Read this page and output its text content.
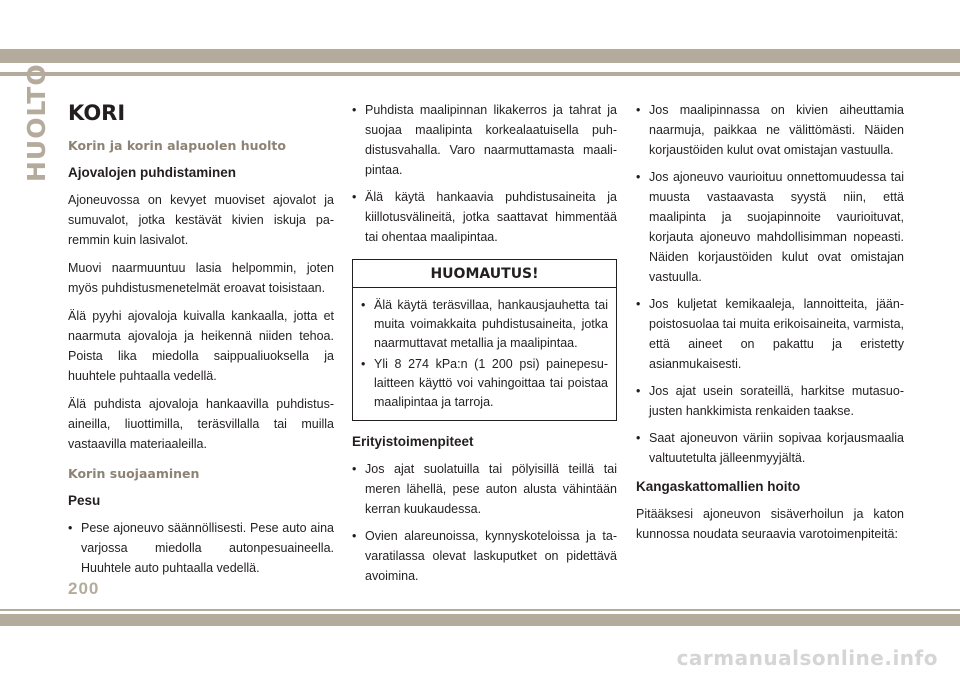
HUOLTO KORI
Korin ja korin alapuolen huolto
Ajovalojen puhdistaminen

Ajoneuvossa on kevyet muoviset ajovalot ja sumuvalot, jotka kestävät kivien iskuja paremmin kuin lasivalot.

Muovi naarmuuntuu lasia helpommin, joten myös puhdistusmenetelmät eroavat toisistaan.

Älä pyyhi ajovaloja kuivalla kankaalla, jotta et naarmuta ajovaloja ja heikennä niiden tehoa. Poista lika miedolla saippualiuoksella ja huuhtele puhtaalla vedellä.

Älä puhdista ajovaloja hankaavilla puhdistusaineilla, liuottimilla, teräsvillalla tai muilla vastaavilla materiaaleilla.

Korin suojaaminen
Pesu
• Pese ajoneuvo säännöllisesti. Pese auto aina varjossa miedolla autonpesuaineella. Huuhtele auto puhtaalla vedellä.
• Puhdista maalipinnan likakerros ja tahrat ja suojaa maalipinta korkealaatuisella puhdistusvahalla. Varo naarmuttamasta maalipintaa.
• Älä käytä hankaavia puhdistusaineita ja kiillotusvälineitä, jotka saattavat himmentää tai ohentaa maalipintaa.
HUOMAUTUS!
• Älä käytä teräsvillaa, hankausjauhetta tai muita voimakkaita puhdistusaineita, jotka naarmuttavat metallia ja maalipintaa.
• Yli 8 274 kPa:n (1 200 psi) painepesulaitteen käyttö voi vahingoittaa tai poistaa maalipintaa ja tarroja.
Erityistoimenpiteet
• Jos ajat suolatuilla tai pölyisillä teillä tai meren lähellä, pese auton alusta vähintään kerran kuukaudessa.
• Ovien alareunoissa, kynnyskoteloissa ja tavaratilassa olevat laskuputket on pidettävä avoimina.
• Jos maalipinnassa on kivien aiheuttamia naarmuja, paikkaa ne välittömästi. Näiden korjaustöiden kulut ovat omistajan vastuulla.
• Jos ajoneuvo vaurioituu onnettomuudessa tai muusta vastaavasta syystä niin, että maalipinta ja suojapinnoite vaurioituvat, korjauta ajoneuvo mahdollisimman nopeasti. Näiden korjaustöiden kulut ovat omistajan vastuulla.
• Jos kuljetat kemikaaleja, lannoitteita, jäänpoistosuolaa tai muita erikoisaineita, varmista, että aineet on pakattu ja eristetty asianmukaisesti.
• Jos ajat usein sorateillä, harkitse mutasuojusten hankkimista renkaiden taakse.
• Saat ajoneuvon väriin sopivaa korjausmaalia valtuutetulta jälleenmyyjältä.
Kangaskattomallien hoito

Pitääksesi ajoneuvon sisäverhoilun ja katon kunnossa noudata seuraavia varotoimenpiteitä:

200
carmanualsonline.info
